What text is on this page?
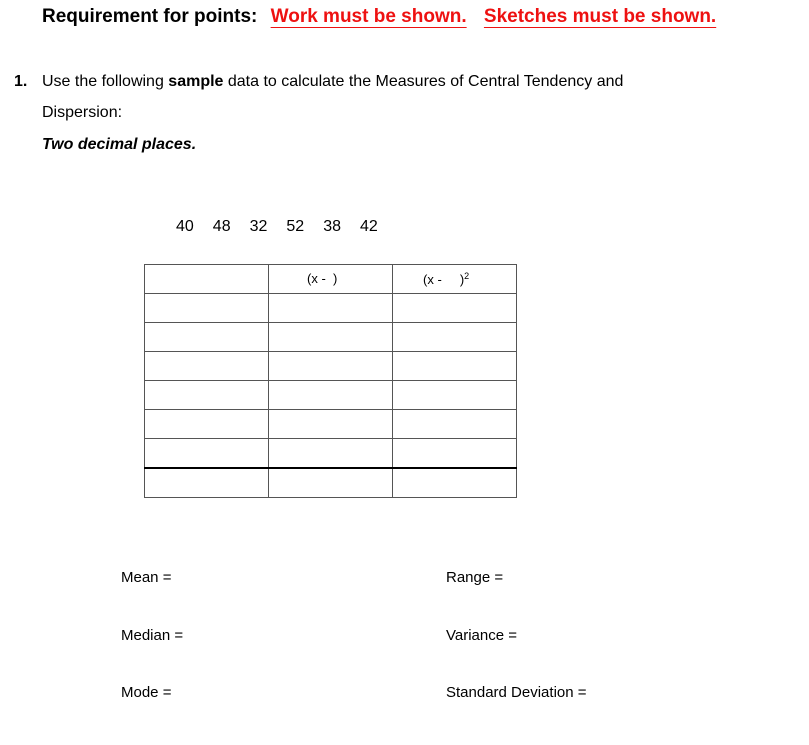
Requirement for points: Work must be shown. Sketches must be shown.
1. Use the following sample data to calculate the Measures of Central Tendency and
Dispersion:
Two decimal places.
40 48 32 52 38 42

	(x -  )	(x -     )$^2$

Mean =
Median =
Mode =
Range =
Variance =
Standard Deviation =
